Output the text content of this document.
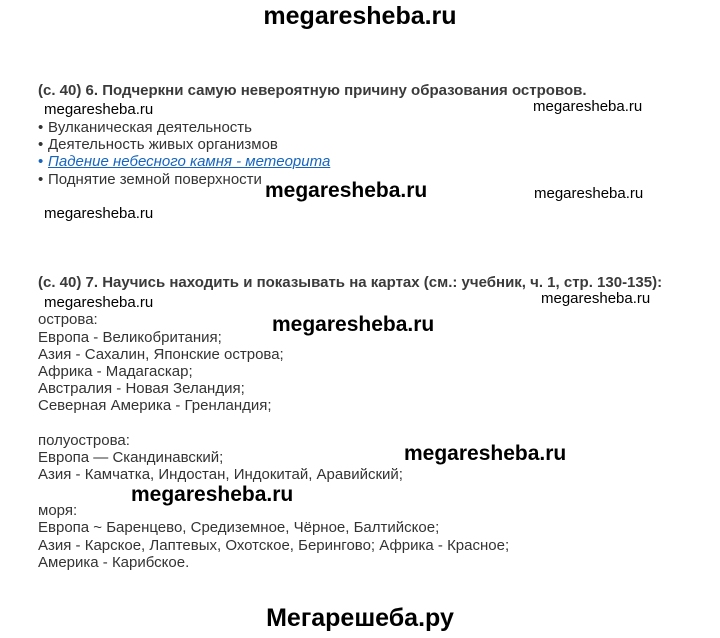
megaresheba.ru
Мегарешеба.ру
(с. 40) 6. Подчеркни самую невероятную причину образования островов.
megaresheba.ru
megaresheba.ru
• Вулканическая деятельность
• Деятельность живых организмов
• Падение небесного камня - метеорита
• Поднятие земной поверхности megaresheba.ru	megaresheba.ru
megaresheba.ru
(с. 40) 7. Научись находить и показывать на картах (см.: учебник, ч. 1, стр. 130-135):
megaresheba.ru
megaresheba.ru
острова:	megaresheba.ru
Европа - Великобритания;
Азия - Сахалин, Японские острова;
Африка - Мадагаскар;
Австралия - Новая Зеландия;
Северная Америка - Гренландия;
полуострова:
megaresheba.ru
Европа — Скандинавский;
Азия - Камчатка, Индостан, Индокитай, Аравийский;
megaresheba.ru
моря:
Европа ~ Баренцево, Средиземное, Чёрное, Балтийское;
Азия - Карское, Лаптевых, Охотское, Берингово; Африка - Красное;
Америка - Карибское.
